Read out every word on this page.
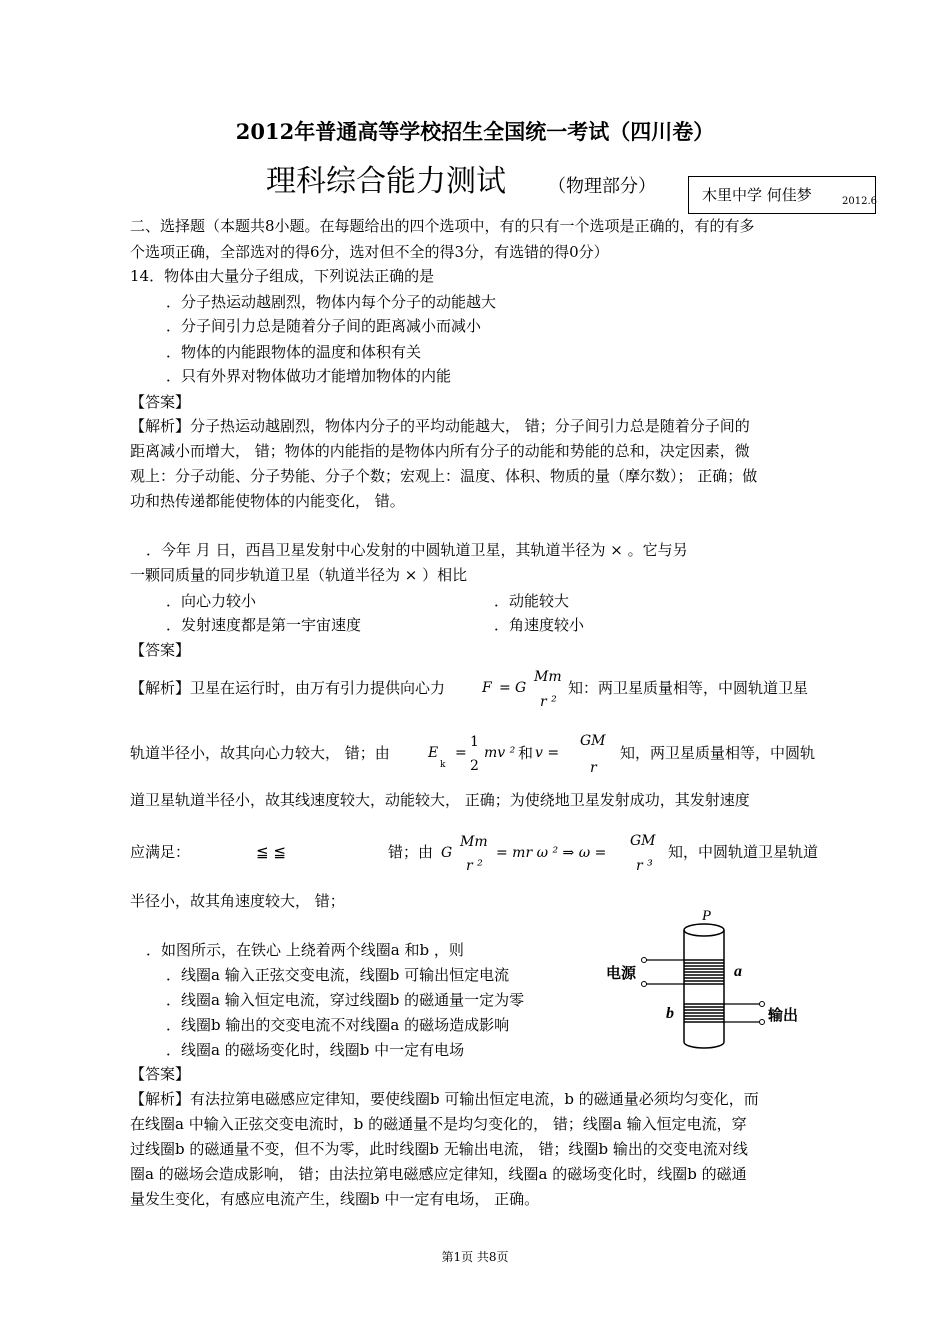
2012年普通高等学校招生全国统一考试（四川卷）
理科综合能力测试 （物理部分）	木里中学 何佳梦	2012.6
二、选择题（本题共8小题。在每题给出的四个选项中，有的只有一个选项是正确的，有的有多
个选项正确，全部选对的得6分，选对但不全的得3分，有选错的得0分）
14．物体由大量分子组成，下列说法正确的是
．分子热运动越剧烈，物体内每个分子的动能越大
．分子间引力总是随着分子间的距离减小而减小
．物体的内能跟物体的温度和体积有关
．只有外界对物体做功才能增加物体的内能
【答案】
【解析】分子热运动越剧烈，物体内分子的平均动能越大， 错；分子间引力总是随着分子间的
距离减小而增大， 错；物体的内能指的是物体内所有分子的动能和势能的总和，决定因素，微
观上：分子动能、分子势能、分子个数；宏观上：温度、体积、物质的量（摩尔数）； 正确；做
功和热传递都能使物体的内能变化， 错。
．今年 月 日，西昌卫星发射中心发射的中圆轨道卫星，其轨道半径为 × 。它与另
一颗同质量的同步轨道卫星（轨道半径为 × ）相比
．向心力较小	．动能较大
．发射速度都是第一宇宙速度	．角速度较小
【答案】
【解析】卫星在运行时，由万有引力提供向心力	F = G
Mm
r ²
知：两卫星质量相等，中圆轨道卫星
轨道半径小，故其向心力较大， 错；由	E
k
=
1
2
mv ² 和 v =
GM
r
知，两卫星质量相等，中圆轨
道卫星轨道半径小，故其线速度较大，动能较大， 正确；为使绕地卫星发射成功，其发射速度
应满足：	≦ ≦	错；由 G
Mm
r ²
= mr ω ² ⇒ ω =
GM
r ³
知，中圆轨道卫星轨道
半径小，故其角速度较大， 错；
．如图所示，在铁心 上绕着两个线圈a 和b ，则
．线圈a 输入正弦交变电流，线圈b 可输出恒定电流
．线圈a 输入恒定电流，穿过线圈b 的磁通量一定为零
．线圈b 输出的交变电流不对线圈a 的磁场造成影响
．线圈a 的磁场变化时，线圈b 中一定有电场
P
电源	a
b	输出
【答案】
【解析】有法拉第电磁感应定律知，要使线圈b 可输出恒定电流，b 的磁通量必须均匀变化，而
在线圈a 中输入正弦交变电流时，b 的磁通量不是均匀变化的， 错；线圈a 输入恒定电流，穿
过线圈b 的磁通量不变，但不为零，此时线圈b 无输出电流， 错；线圈b 输出的交变电流对线
圈a 的磁场会造成影响， 错；由法拉第电磁感应定律知，线圈a 的磁场变化时，线圈b 的磁通
量发生变化，有感应电流产生，线圈b 中一定有电场， 正确。
第1页 共8页
